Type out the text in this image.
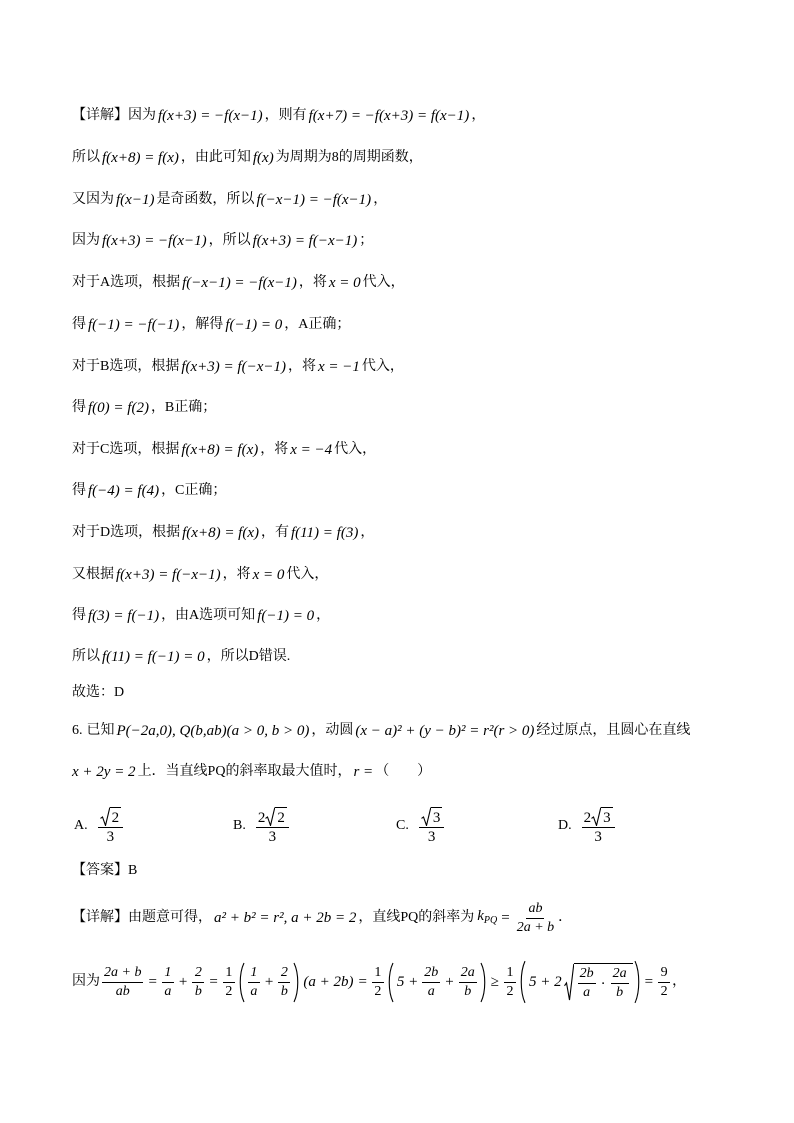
【详解】 因为 f(x+3) = −f(x−1) ，则有 f(x+7) = −f(x+3) = f(x−1) ，
所以 f(x+8) = f(x) ，由此可知 f(x) 为周期为8的周期函数，
又因为 f(x−1) 是奇函数，所以 f(−x−1) = −f(x−1) ，
因为 f(x+3) = −f(x−1) ，所以 f(x+3) = f(−x−1) ；
对于A选项，根据 f(−x−1) = −f(x−1) ，将 x = 0 代入，
得 f(−1) = −f(−1) ，解得 f(−1) = 0 ，A正确；
对于B选项，根据 f(x+3) = f(−x−1) ，将 x = −1 代入，
得 f(0) = f(2) ，B正确；
对于C选项，根据 f(x+8) = f(x) ，将 x = −4 代入，
得 f(−4) = f(4) ，C正确；
对于D选项，根据 f(x+8) = f(x) ，有 f(11) = f(3) ，
又根据 f(x+3) = f(−x−1) ，将 x = 0 代入，
得 f(3) = f(−1) ，由A选项可知 f(−1) = 0 ，
所以 f(11) = f(−1) = 0 ，所以D错误.
故选：D
6. 已知 P(−2a,0), Q(b,ab)(a > 0, b > 0) ，动圆 (x − a)² + (y − b)² = r²(r > 0) 经过原点，且圆心在直线
x + 2y = 2 上．当直线PQ的斜率取最大值时， r = （　　）
A. $\frac{2}{3}$	B. $\frac{2 2}{3}$	C. $\frac{3}{3}$	D. $\frac{2 3}{3}$
【答案】 B
【详解】 由题意可得， a² + b² = r², a + 2b = 2 ，直线PQ的斜率为 $k_{PQ} = \frac{ab}{2a + b}$ ．
因为 $\frac{2a + b}{ab} = \frac{1}{a} + \frac{2}{b} = \frac{1}{2} \frac{1}{a} + \frac{2}{b} (a + 2b) = \frac{1}{2} 5 + \frac{2b}{a} + \frac{2a}{b} \ge \frac{1}{2} 5 + 2 \frac{2b}{a} \cdot \frac{2a}{b} = \frac{9}{2}$ ，
